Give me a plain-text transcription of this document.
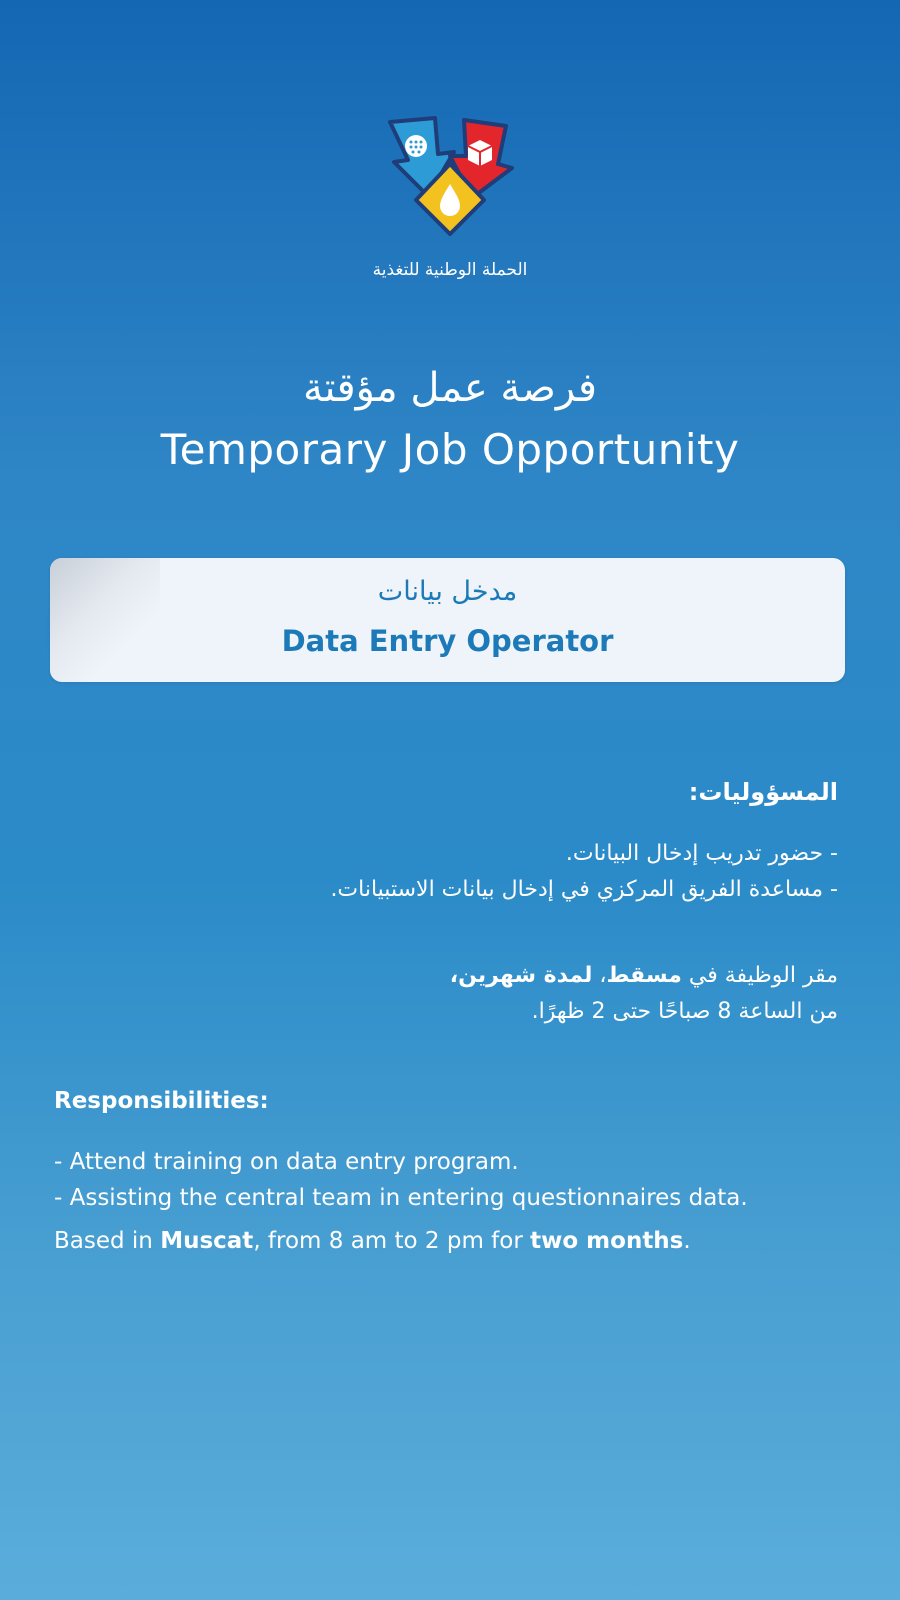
الحملة الوطنية للتغذية
فرصة عمل مؤقتة
Temporary Job Opportunity
مدخل بيانات
Data Entry Operator
المسؤوليات:
- حضور تدريب إدخال البيانات.
- مساعدة الفريق المركزي في إدخال بيانات الاستبيانات.
مقر الوظيفة في مسقط، لمدة شهرين،
من الساعة 8 صباحًا حتى 2 ظهرًا.
Responsibilities:
- Attend training on data entry program.
- Assisting the central team in entering questionnaires data.
Based in Muscat, from 8 am to 2 pm for two months.
